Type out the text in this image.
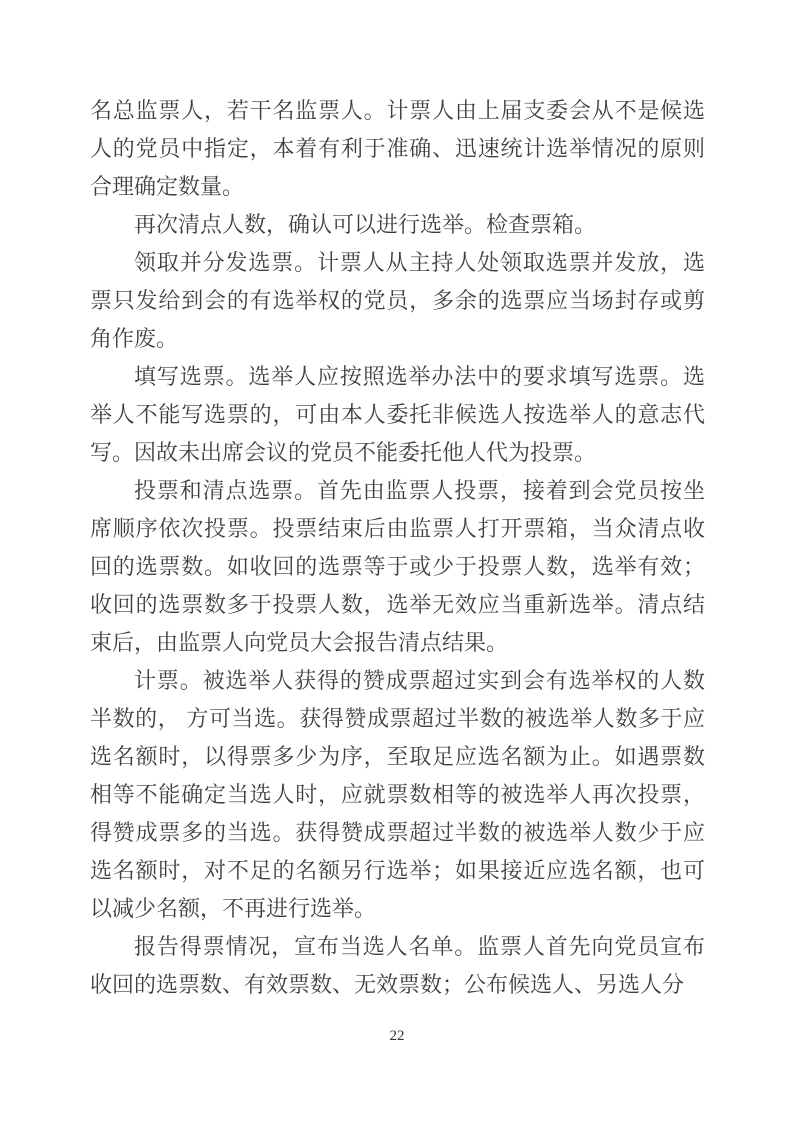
名总监票人，若干名监票人。计票人由上届支委会从不是候选
人的党员中指定，本着有利于准确、迅速统计选举情况的原则
合理确定数量。
再次清点人数，确认可以进行选举。检查票箱。
领取并分发选票。计票人从主持人处领取选票并发放，选
票只发给到会的有选举权的党员，多余的选票应当场封存或剪
角作废。
填写选票。选举人应按照选举办法中的要求填写选票。选
举人不能写选票的，可由本人委托非候选人按选举人的意志代
写。因故未出席会议的党员不能委托他人代为投票。
投票和清点选票。首先由监票人投票，接着到会党员按坐
席顺序依次投票。投票结束后由监票人打开票箱，当众清点收
回的选票数。如收回的选票等于或少于投票人数，选举有效；
收回的选票数多于投票人数，选举无效应当重新选举。清点结
束后，由监票人向党员大会报告清点结果。
计票。被选举人获得的赞成票超过实到会有选举权的人数
半数的， 方可当选。获得赞成票超过半数的被选举人数多于应
选名额时，以得票多少为序，至取足应选名额为止。如遇票数
相等不能确定当选人时，应就票数相等的被选举人再次投票，
得赞成票多的当选。获得赞成票超过半数的被选举人数少于应
选名额时，对不足的名额另行选举；如果接近应选名额，也可
以减少名额，不再进行选举。
报告得票情况，宣布当选人名单。监票人首先向党员宣布
收回的选票数、有效票数、无效票数；公布候选人、另选人分
22
